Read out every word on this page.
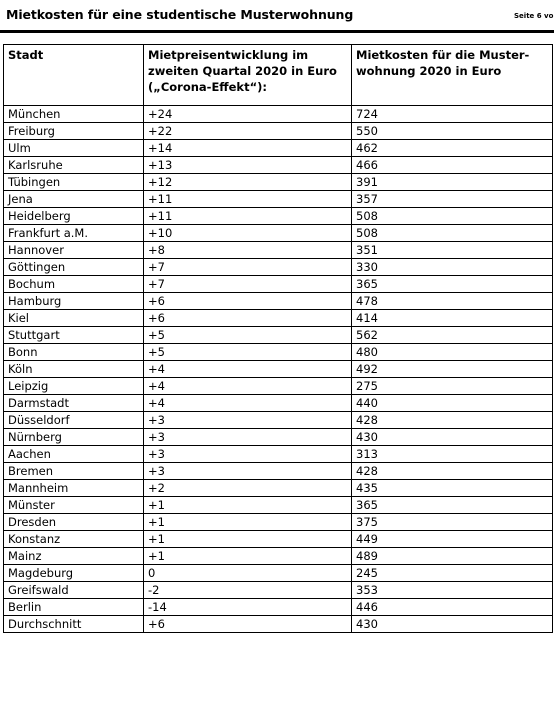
Mietkosten für eine studentische Musterwohnung	Seite 6 vo
Stadt	Mietpreisentwicklung im zweiten Quartal 2020 in Euro („Corona-Effekt“):	Mietkosten für die Muster-wohnung 2020 in Euro
München	+24	724
Freiburg	+22	550
Ulm	+14	462
Karlsruhe	+13	466
Tübingen	+12	391
Jena	+11	357
Heidelberg	+11	508
Frankfurt a.M.	+10	508
Hannover	+8	351
Göttingen	+7	330
Bochum	+7	365
Hamburg	+6	478
Kiel	+6	414
Stuttgart	+5	562
Bonn	+5	480
Köln	+4	492
Leipzig	+4	275
Darmstadt	+4	440
Düsseldorf	+3	428
Nürnberg	+3	430
Aachen	+3	313
Bremen	+3	428
Mannheim	+2	435
Münster	+1	365
Dresden	+1	375
Konstanz	+1	449
Mainz	+1	489
Magdeburg	0	245
Greifswald	-2	353
Berlin	-14	446
Durchschnitt	+6	430
